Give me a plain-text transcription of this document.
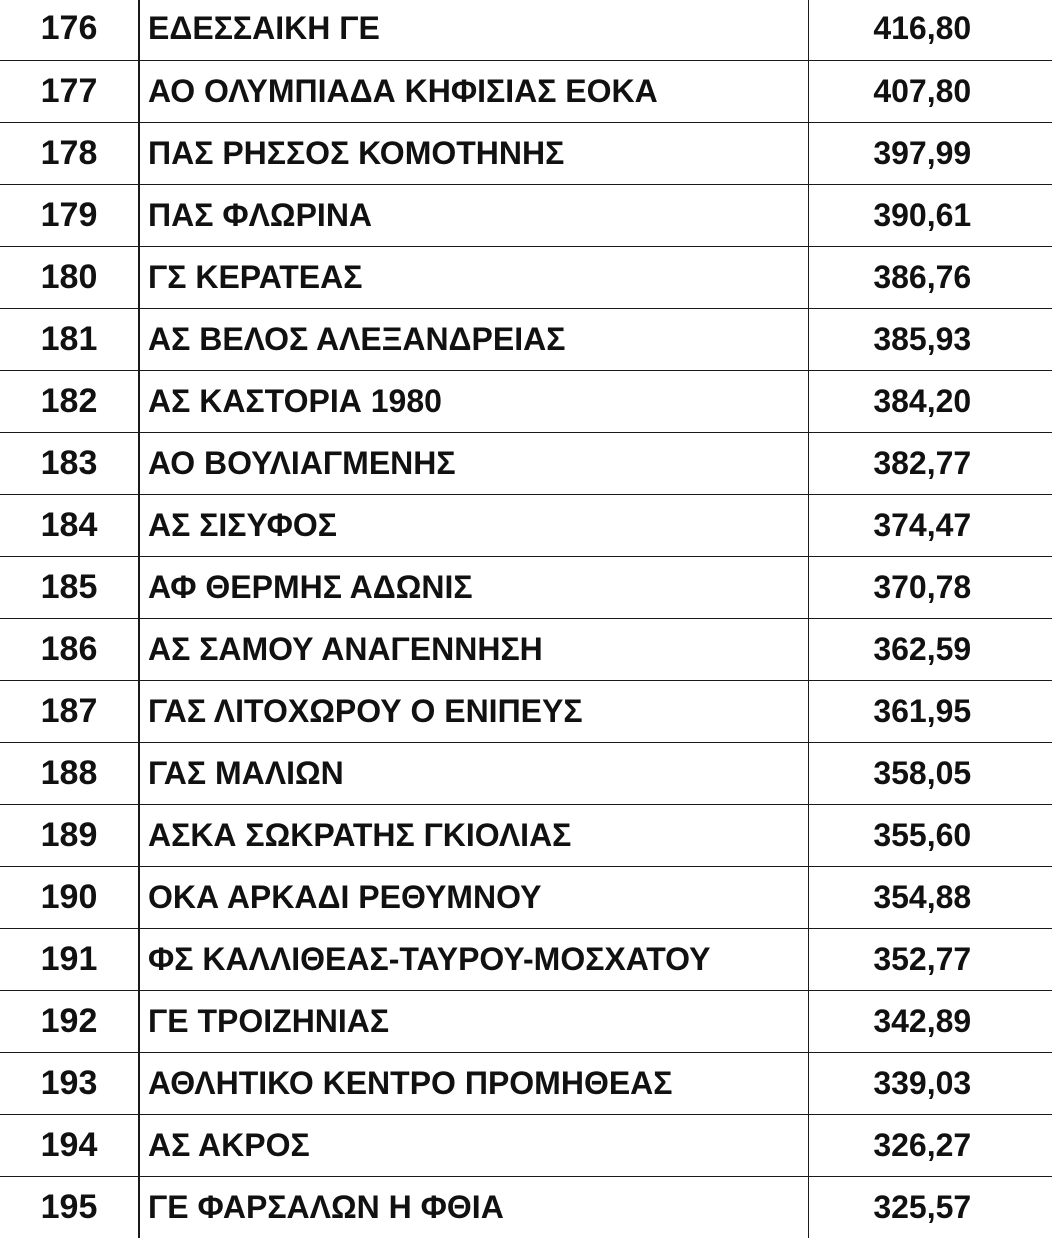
176	ΕΔΕΣΣΑΙΚΗ ΓΕ	416,80
177	ΑΟ ΟΛΥΜΠΙΑΔΑ ΚΗΦΙΣΙΑΣ ΕΟΚΑ	407,80
178	ΠΑΣ ΡΗΣΣΟΣ ΚΟΜΟΤΗΝΗΣ	397,99
179	ΠΑΣ ΦΛΩΡΙΝΑ	390,61
180	ΓΣ ΚΕΡΑΤΕΑΣ	386,76
181	ΑΣ ΒΕΛΟΣ ΑΛΕΞΑΝΔΡΕΙΑΣ	385,93
182	ΑΣ ΚΑΣΤΟΡΙΑ 1980	384,20
183	ΑΟ ΒΟΥΛΙΑΓΜΕΝΗΣ	382,77
184	ΑΣ ΣΙΣΥΦΟΣ	374,47
185	ΑΦ ΘΕΡΜΗΣ ΑΔΩΝΙΣ	370,78
186	ΑΣ ΣΑΜΟΥ ΑΝΑΓΕΝΝΗΣΗ	362,59
187	ΓΑΣ ΛΙΤΟΧΩΡΟΥ Ο ΕΝΙΠΕΥΣ	361,95
188	ΓΑΣ ΜΑΛΙΩΝ	358,05
189	ΑΣΚΑ ΣΩΚΡΑΤΗΣ ΓΚΙΟΛΙΑΣ	355,60
190	ΟΚΑ ΑΡΚΑΔΙ ΡΕΘΥΜΝΟΥ	354,88
191	ΦΣ ΚΑΛΛΙΘΕΑΣ-ΤΑΥΡΟΥ-ΜΟΣΧΑΤΟΥ	352,77
192	ΓΕ ΤΡΟΙΖΗΝΙΑΣ	342,89
193	ΑΘΛΗΤΙΚΟ ΚΕΝΤΡΟ ΠΡΟΜΗΘΕΑΣ	339,03
194	ΑΣ ΑΚΡΟΣ	326,27
195	ΓΕ ΦΑΡΣΑΛΩΝ Η ΦΘΙΑ	325,57
